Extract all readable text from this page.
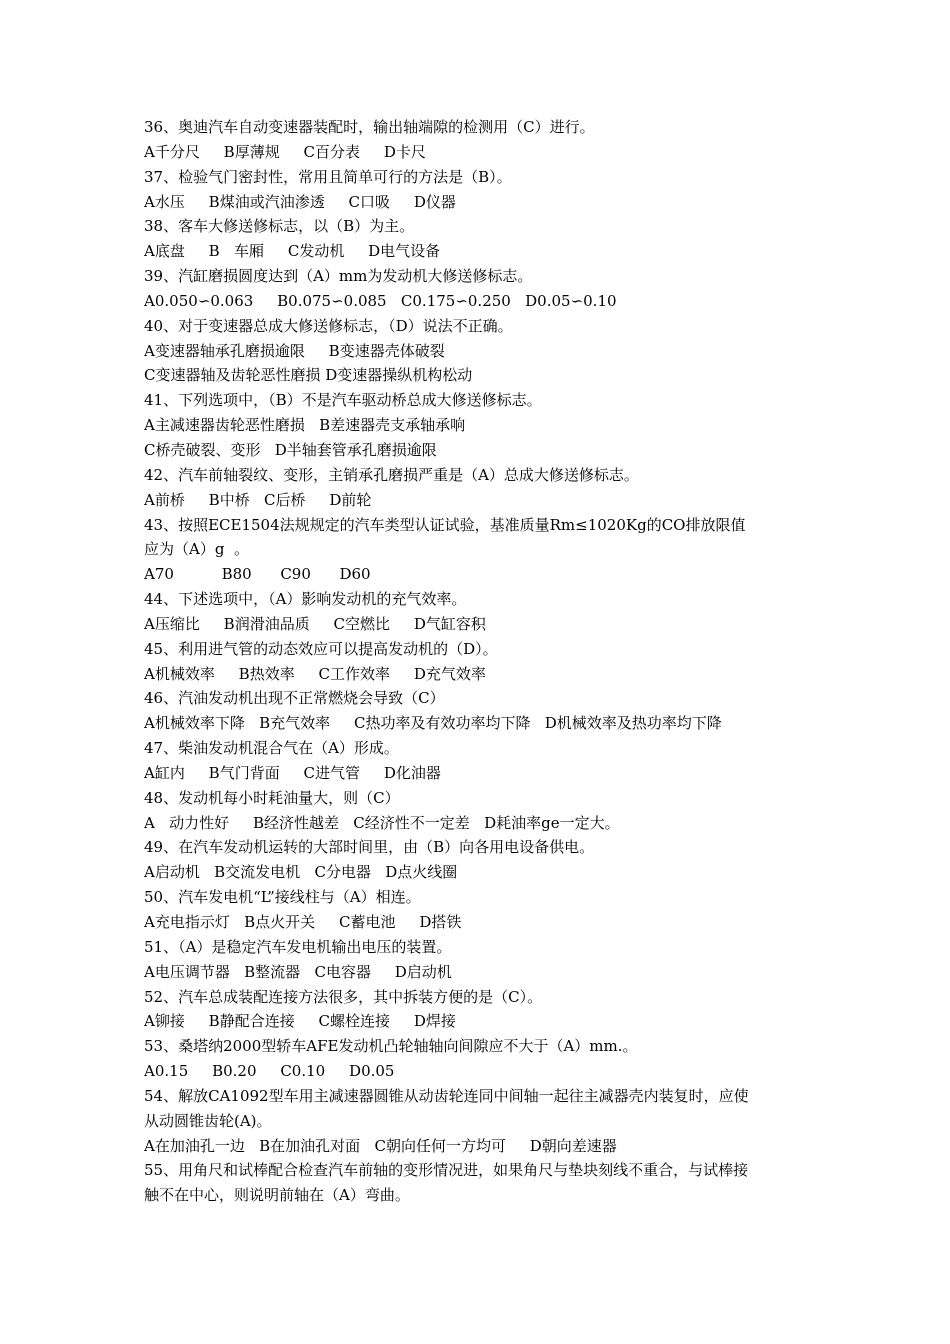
36、奥迪汽车自动变速器装配时，输出轴端隙的检测用（C）进行。
A千分尺     B厚薄规     C百分表     D卡尺
37、检验气门密封性，常用且简单可行的方法是（B）。
A水压     B煤油或汽油渗透     C口吸     D仪器
38、客车大修送修标志，以（B）为主。
A底盘     B   车厢     C发动机     D电气设备
39、汽缸磨损圆度达到（A）mm为发动机大修送修标志。
A0.050∽0.063     B0.075∽0.085   C0.175∽0.250   D0.05∽0.10
40、对于变速器总成大修送修标志，（D）说法不正确。
A变速器轴承孔磨损逾限     B变速器壳体破裂
C变速器轴及齿轮恶性磨损 D变速器操纵机构松动
41、下列选项中，（B）不是汽车驱动桥总成大修送修标志。
A主减速器齿轮恶性磨损   B差速器壳支承轴承响
C桥壳破裂、变形   D半轴套管承孔磨损逾限
42、汽车前轴裂纹、变形，主销承孔磨损严重是（A）总成大修送修标志。
A前桥     B中桥   C后桥     D前轮
43、按照ECE1504法规规定的汽车类型认证试验，基准质量Rm≤1020Kg的CO排放限值
应为（A）g  。
A70          B80      C90      D60
44、下述选项中，（A）影响发动机的充气效率。
A压缩比     B润滑油品质     C空燃比     D气缸容积
45、利用进气管的动态效应可以提高发动机的（D）。
A机械效率     B热效率     C工作效率     D充气效率
46、汽油发动机出现不正常燃烧会导致（C）
A机械效率下降   B充气效率     C热功率及有效功率均下降   D机械效率及热功率均下降
47、柴油发动机混合气在（A）形成。
A缸内     B气门背面     C进气管     D化油器
48、发动机每小时耗油量大，则（C）
A   动力性好     B经济性越差   C经济性不一定差   D耗油率ge一定大。
49、在汽车发动机运转的大部时间里，由（B）向各用电设备供电。
A启动机   B交流发电机   C分电器   D点火线圈
50、汽车发电机“L”接线柱与（A）相连。
A充电指示灯   B点火开关     C蓄电池     D搭铁
51、（A）是稳定汽车发电机输出电压的装置。
A电压调节器   B整流器   C电容器     D启动机
52、汽车总成装配连接方法很多，其中拆装方便的是（C）。
A铆接     B静配合连接     C螺栓连接     D焊接
53、桑塔纳2000型轿车AFE发动机凸轮轴轴向间隙应不大于（A）mm.。
A0.15     B0.20     C0.10     D0.05
54、解放CA1092型车用主减速器圆锥从动齿轮连同中间轴一起往主减器壳内装复时，应使
从动圆锥齿轮(A)。
A在加油孔一边   B在加油孔对面   C朝向任何一方均可     D朝向差速器
55、用角尺和试棒配合检查汽车前轴的变形情况进，如果角尺与垫块刻线不重合，与试棒接
触不在中心，则说明前轴在（A）弯曲。
